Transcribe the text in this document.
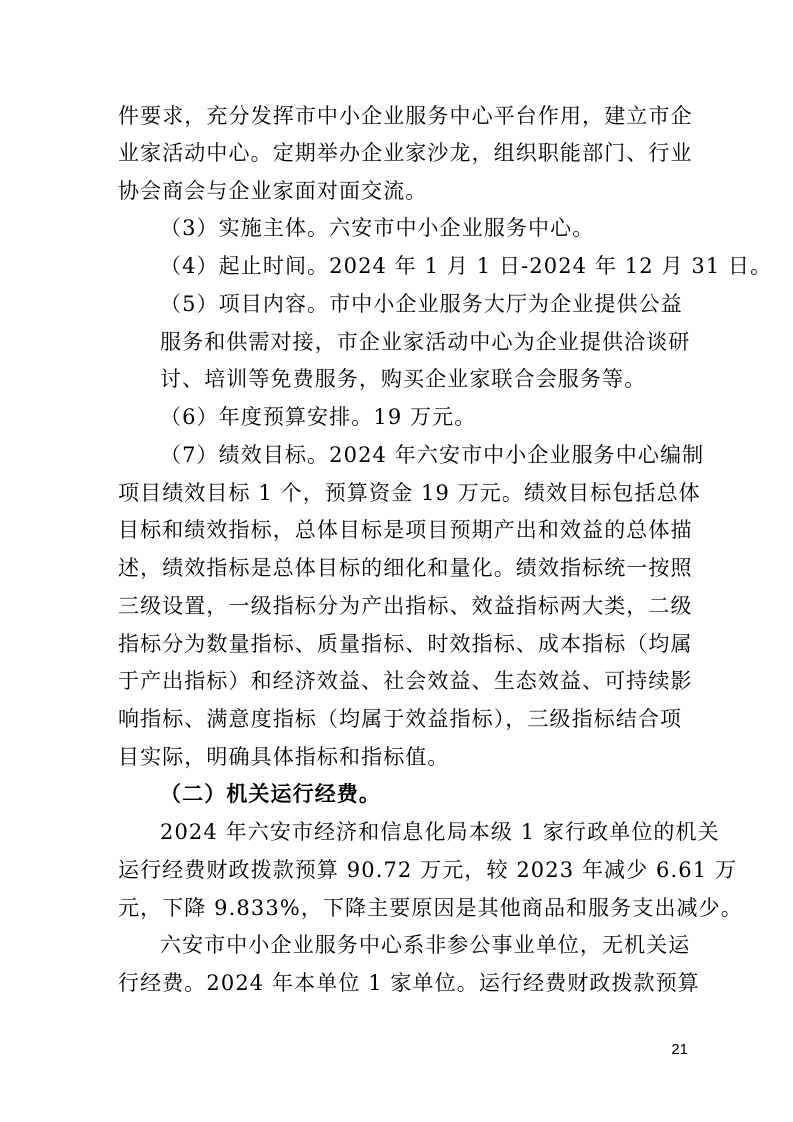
件要求，充分发挥市中小企业服务中心平台作用，建立市企
业家活动中心。定期举办企业家沙龙，组织职能部门、行业
协会商会与企业家面对面交流。
（3）实施主体。六安市中小企业服务中心。
（4）起止时间。2024 年 1 月 1 日-2024 年 12 月 31 日。
（5）项目内容。市中小企业服务大厅为企业提供公益
服务和供需对接，市企业家活动中心为企业提供洽谈研
讨、培训等免费服务，购买企业家联合会服务等。
（6）年度预算安排。19 万元。
（7）绩效目标。2024 年六安市中小企业服务中心编制
项目绩效目标 1 个，预算资金 19 万元。绩效目标包括总体
目标和绩效指标，总体目标是项目预期产出和效益的总体描
述，绩效指标是总体目标的细化和量化。绩效指标统一按照
三级设置，一级指标分为产出指标、效益指标两大类，二级
指标分为数量指标、质量指标、时效指标、成本指标（均属
于产出指标）和经济效益、社会效益、生态效益、可持续影
响指标、满意度指标（均属于效益指标），三级指标结合项
目实际，明确具体指标和指标值。
（二）机关运行经费。
2024 年六安市经济和信息化局本级 1 家行政单位的机关
运行经费财政拨款预算 90.72 万元，较 2023 年减少 6.61 万
元，下降 9.833%，下降主要原因是其他商品和服务支出减少。
六安市中小企业服务中心系非参公事业单位，无机关运
行经费。2024 年本单位 1 家单位。运行经费财政拨款预算
21
